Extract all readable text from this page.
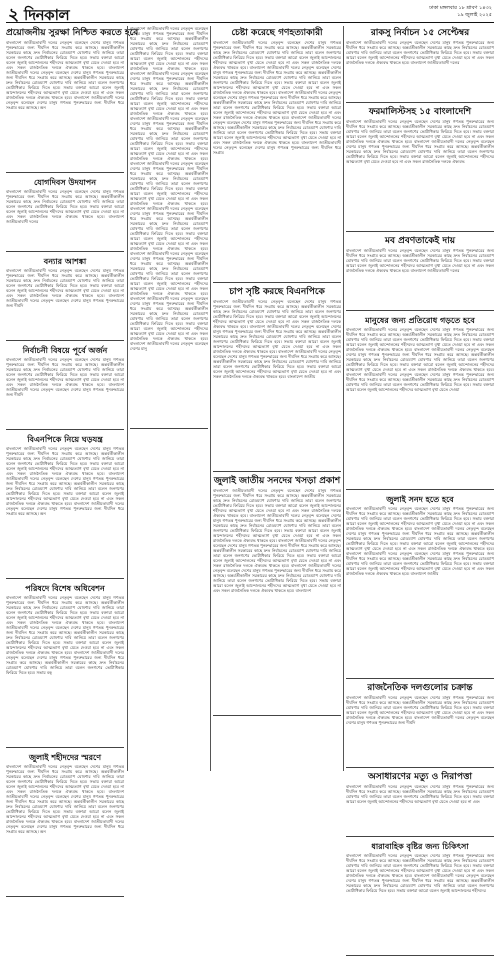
২ দিনকাল	ঢাকা মঙ্গলবার ১৮ শ্রাবণ ১৪৩২
১৯ জুলাই ২০২৫
প্রয়োজনীয় সুরক্ষা নিশ্চিত করতে হবে

বাংলাদেশ জাতীয়তাবাদী দলের নেতৃবৃন্দ বলেছেন দেশের মানুষ গণতন্ত্র পুনরুদ্ধারের জন্য দীর্ঘদিন ধরে সংগ্রাম করে আসছে। অন্তর্বর্তীকালীন সরকারের কাছে দ্রুত নির্বাচনের রোডম্যাপ ঘোষণার দাবি জানিয়ে তারা বলেন জনগণের ভোটাধিকার ফিরিয়ে দিতে হবে। সভায় বক্তারা আরো বলেন জুলাই আন্দোলনের শহীদদের আত্মত্যাগ বৃথা যেতে দেওয়া হবে না এবং সকল রাজনৈতিক দলকে ঐক্যবদ্ধ থাকতে হবে। বাংলাদেশ জাতীয়তাবাদী দলের নেতৃবৃন্দ বলেছেন দেশের মানুষ গণতন্ত্র পুনরুদ্ধারের জন্য দীর্ঘদিন ধরে সংগ্রাম করে আসছে। অন্তর্বর্তীকালীন সরকারের কাছে দ্রুত নির্বাচনের রোডম্যাপ ঘোষণার দাবি জানিয়ে তারা বলেন জনগণের ভোটাধিকার ফিরিয়ে দিতে হবে। সভায় বক্তারা আরো বলেন জুলাই আন্দোলনের শহীদদের আত্মত্যাগ বৃথা যেতে দেওয়া হবে না এবং সকল রাজনৈতিক দলকে ঐক্যবদ্ধ থাকতে হবে। বাংলাদেশ জাতীয়তাবাদী দলের নেতৃবৃন্দ বলেছেন দেশের মানুষ গণতন্ত্র পুনরুদ্ধারের জন্য দীর্ঘদিন ধরে সংগ্রাম করে আসছে। অন

যোগদিবস উদযাপন

বাংলাদেশ জাতীয়তাবাদী দলের নেতৃবৃন্দ বলেছেন দেশের মানুষ গণতন্ত্র পুনরুদ্ধারের জন্য দীর্ঘদিন ধরে সংগ্রাম করে আসছে। অন্তর্বর্তীকালীন সরকারের কাছে দ্রুত নির্বাচনের রোডম্যাপ ঘোষণার দাবি জানিয়ে তারা বলেন জনগণের ভোটাধিকার ফিরিয়ে দিতে হবে। সভায় বক্তারা আরো বলেন জুলাই আন্দোলনের শহীদদের আত্মত্যাগ বৃথা যেতে দেওয়া হবে না এবং সকল রাজনৈতিক দলকে ঐক্যবদ্ধ থাকতে হবে। বাংলাদেশ জাতীয়তাবাদী দলের

বন্যার আশঙ্কা

বাংলাদেশ জাতীয়তাবাদী দলের নেতৃবৃন্দ বলেছেন দেশের মানুষ গণতন্ত্র পুনরুদ্ধারের জন্য দীর্ঘদিন ধরে সংগ্রাম করে আসছে। অন্তর্বর্তীকালীন সরকারের কাছে দ্রুত নির্বাচনের রোডম্যাপ ঘোষণার দাবি জানিয়ে তারা বলেন জনগণের ভোটাধিকার ফিরিয়ে দিতে হবে। সভায় বক্তারা আরো বলেন জুলাই আন্দোলনের শহীদদের আত্মত্যাগ বৃথা যেতে দেওয়া হবে না এবং সকল রাজনৈতিক দলকে ঐক্যবদ্ধ থাকতে হবে। বাংলাদেশ জাতীয়তাবাদী দলের নেতৃবৃন্দ বলেছেন দেশের মানুষ গণতন্ত্র পুনরুদ্ধারের জন্য দীর্ঘদি

নির্বাচনী বিষয়ে পূর্বে অর্জন

বাংলাদেশ জাতীয়তাবাদী দলের নেতৃবৃন্দ বলেছেন দেশের মানুষ গণতন্ত্র পুনরুদ্ধারের জন্য দীর্ঘদিন ধরে সংগ্রাম করে আসছে। অন্তর্বর্তীকালীন সরকারের কাছে দ্রুত নির্বাচনের রোডম্যাপ ঘোষণার দাবি জানিয়ে তারা বলেন জনগণের ভোটাধিকার ফিরিয়ে দিতে হবে। সভায় বক্তারা আরো বলেন জুলাই আন্দোলনের শহীদদের আত্মত্যাগ বৃথা যেতে দেওয়া হবে না এবং সকল রাজনৈতিক দলকে ঐক্যবদ্ধ থাকতে হবে। বাংলাদেশ জাতীয়তাবাদী দলের নেতৃবৃন্দ বলেছেন দেশের মানুষ গণতন্ত্র পুনরুদ্ধারের জন্য দীর্ঘদি

বিএনপিকে নিয়ে ঘড়যন্ত্র

বাংলাদেশ জাতীয়তাবাদী দলের নেতৃবৃন্দ বলেছেন দেশের মানুষ গণতন্ত্র পুনরুদ্ধারের জন্য দীর্ঘদিন ধরে সংগ্রাম করে আসছে। অন্তর্বর্তীকালীন সরকারের কাছে দ্রুত নির্বাচনের রোডম্যাপ ঘোষণার দাবি জানিয়ে তারা বলেন জনগণের ভোটাধিকার ফিরিয়ে দিতে হবে। সভায় বক্তারা আরো বলেন জুলাই আন্দোলনের শহীদদের আত্মত্যাগ বৃথা যেতে দেওয়া হবে না এবং সকল রাজনৈতিক দলকে ঐক্যবদ্ধ থাকতে হবে। বাংলাদেশ জাতীয়তাবাদী দলের নেতৃবৃন্দ বলেছেন দেশের মানুষ গণতন্ত্র পুনরুদ্ধারের জন্য দীর্ঘদিন ধরে সংগ্রাম করে আসছে। অন্তর্বর্তীকালীন সরকারের কাছে দ্রুত নির্বাচনের রোডম্যাপ ঘোষণার দাবি জানিয়ে তারা বলেন জনগণের ভোটাধিকার ফিরিয়ে দিতে হবে। সভায় বক্তারা আরো বলেন জুলাই আন্দোলনের শহীদদের আত্মত্যাগ বৃথা যেতে দেওয়া হবে না এবং সকল রাজনৈতিক দলকে ঐক্যবদ্ধ থাকতে হবে। বাংলাদেশ জাতীয়তাবাদী দলের নেতৃবৃন্দ বলেছেন দেশের মানুষ গণতন্ত্র পুনরুদ্ধারের জন্য দীর্ঘদিন ধরে সংগ্রাম করে আসছে। অন

পরিষদে বিশেষ অধিবেশন

বাংলাদেশ জাতীয়তাবাদী দলের নেতৃবৃন্দ বলেছেন দেশের মানুষ গণতন্ত্র পুনরুদ্ধারের জন্য দীর্ঘদিন ধরে সংগ্রাম করে আসছে। অন্তর্বর্তীকালীন সরকারের কাছে দ্রুত নির্বাচনের রোডম্যাপ ঘোষণার দাবি জানিয়ে তারা বলেন জনগণের ভোটাধিকার ফিরিয়ে দিতে হবে। সভায় বক্তারা আরো বলেন জুলাই আন্দোলনের শহীদদের আত্মত্যাগ বৃথা যেতে দেওয়া হবে না এবং সকল রাজনৈতিক দলকে ঐক্যবদ্ধ থাকতে হবে। বাংলাদেশ জাতীয়তাবাদী দলের নেতৃবৃন্দ বলেছেন দেশের মানুষ গণতন্ত্র পুনরুদ্ধারের জন্য দীর্ঘদিন ধরে সংগ্রাম করে আসছে। অন্তর্বর্তীকালীন সরকারের কাছে দ্রুত নির্বাচনের রোডম্যাপ ঘোষণার দাবি জানিয়ে তারা বলেন জনগণের ভোটাধিকার ফিরিয়ে দিতে হবে। সভায় বক্তারা আরো বলেন জুলাই আন্দোলনের শহীদদের আত্মত্যাগ বৃথা যেতে দেওয়া হবে না এবং সকল রাজনৈতিক দলকে ঐক্যবদ্ধ থাকতে হবে। বাংলাদেশ জাতীয়তাবাদী দলের নেতৃবৃন্দ বলেছেন দেশের মানুষ গণতন্ত্র পুনরুদ্ধারের জন্য দীর্ঘদিন ধরে সংগ্রাম করে আসছে। অন্তর্বর্তীকালীন সরকারের কাছে দ্রুত নির্বাচনের রোডম্যাপ ঘোষণার দাবি জানিয়ে তারা বলেন জনগণের ভোটাধিকার ফিরিয়ে দিতে হবে। সভায় বক্

জুলাই শহীদদের স্মরণে

বাংলাদেশ জাতীয়তাবাদী দলের নেতৃবৃন্দ বলেছেন দেশের মানুষ গণতন্ত্র পুনরুদ্ধারের জন্য দীর্ঘদিন ধরে সংগ্রাম করে আসছে। অন্তর্বর্তীকালীন সরকারের কাছে দ্রুত নির্বাচনের রোডম্যাপ ঘোষণার দাবি জানিয়ে তারা বলেন জনগণের ভোটাধিকার ফিরিয়ে দিতে হবে। সভায় বক্তারা আরো বলেন জুলাই আন্দোলনের শহীদদের আত্মত্যাগ বৃথা যেতে দেওয়া হবে না এবং সকল রাজনৈতিক দলকে ঐক্যবদ্ধ থাকতে হবে। বাংলাদেশ জাতীয়তাবাদী দলের নেতৃবৃন্দ বলেছেন দেশের মানুষ গণতন্ত্র পুনরুদ্ধারের জন্য দীর্ঘদিন ধরে সংগ্রাম করে আসছে। অন্তর্বর্তীকালীন সরকারের কাছে দ্রুত নির্বাচনের রোডম্যাপ ঘোষণার দাবি জানিয়ে তারা বলেন জনগণের ভোটাধিকার ফিরিয়ে দিতে হবে। সভায় বক্তারা আরো বলেন জুলাই আন্দোলনের শহীদদের আত্মত্যাগ বৃথা যেতে দেওয়া হবে না এবং সকল রাজনৈতিক দলকে ঐক্যবদ্ধ থাকতে হবে। বাংলাদেশ জাতীয়তাবাদী দলের নেতৃবৃন্দ বলেছেন দেশের মানুষ গণতন্ত্র পুনরুদ্ধারের জন্য দীর্ঘদিন ধরে সংগ্রাম করে আসছে। অন

বাংলাদেশ জাতীয়তাবাদী দলের নেতৃবৃন্দ বলেছেন দেশের মানুষ গণতন্ত্র পুনরুদ্ধারের জন্য দীর্ঘদিন ধরে সংগ্রাম করে আসছে। অন্তর্বর্তীকালীন সরকারের কাছে দ্রুত নির্বাচনের রোডম্যাপ ঘোষণার দাবি জানিয়ে তারা বলেন জনগণের ভোটাধিকার ফিরিয়ে দিতে হবে। সভায় বক্তারা আরো বলেন জুলাই আন্দোলনের শহীদদের আত্মত্যাগ বৃথা যেতে দেওয়া হবে না এবং সকল রাজনৈতিক দলকে ঐক্যবদ্ধ থাকতে হবে। বাংলাদেশ জাতীয়তাবাদী দলের নেতৃবৃন্দ বলেছেন দেশের মানুষ গণতন্ত্র পুনরুদ্ধারের জন্য দীর্ঘদিন ধরে সংগ্রাম করে আসছে। অন্তর্বর্তীকালীন সরকারের কাছে দ্রুত নির্বাচনের রোডম্যাপ ঘোষণার দাবি জানিয়ে তারা বলেন জনগণের ভোটাধিকার ফিরিয়ে দিতে হবে। সভায় বক্তারা আরো বলেন জুলাই আন্দোলনের শহীদদের আত্মত্যাগ বৃথা যেতে দেওয়া হবে না এবং সকল রাজনৈতিক দলকে ঐক্যবদ্ধ থাকতে হবে। বাংলাদেশ জাতীয়তাবাদী দলের নেতৃবৃন্দ বলেছেন দেশের মানুষ গণতন্ত্র পুনরুদ্ধারের জন্য দীর্ঘদিন ধরে সংগ্রাম করে আসছে। অন্তর্বর্তীকালীন সরকারের কাছে দ্রুত নির্বাচনের রোডম্যাপ ঘোষণার দাবি জানিয়ে তারা বলেন জনগণের ভোটাধিকার ফিরিয়ে দিতে হবে। সভায় বক্তারা আরো বলেন জুলাই আন্দোলনের শহীদদের আত্মত্যাগ বৃথা যেতে দেওয়া হবে না এবং সকল রাজনৈতিক দলকে ঐক্যবদ্ধ থাকতে হবে। বাংলাদেশ জাতীয়তাবাদী দলের নেতৃবৃন্দ বলেছেন দেশের মানুষ গণতন্ত্র পুনরুদ্ধারের জন্য দীর্ঘদিন ধরে সংগ্রাম করে আসছে। অন্তর্বর্তীকালীন সরকারের কাছে দ্রুত নির্বাচনের রোডম্যাপ ঘোষণার দাবি জানিয়ে তারা বলেন জনগণের ভোটাধিকার ফিরিয়ে দিতে হবে। সভায় বক্তারা আরো বলেন জুলাই আন্দোলনের শহীদদের আত্মত্যাগ বৃথা যেতে দেওয়া হবে না এবং সকল রাজনৈতিক দলকে ঐক্যবদ্ধ থাকতে হবে। বাংলাদেশ জাতীয়তাবাদী দলের নেতৃবৃন্দ বলেছেন দেশের মানুষ গণতন্ত্র পুনরুদ্ধারের জন্য দীর্ঘদিন ধরে সংগ্রাম করে আসছে। অন্তর্বর্তীকালীন সরকারের কাছে দ্রুত নির্বাচনের রোডম্যাপ ঘোষণার দাবি জানিয়ে তারা বলেন জনগণের ভোটাধিকার ফিরিয়ে দিতে হবে। সভায় বক্তারা আরো বলেন জুলাই আন্দোলনের শহীদদের আত্মত্যাগ বৃথা যেতে দেওয়া হবে না এবং সকল রাজনৈতিক দলকে ঐক্যবদ্ধ থাকতে হবে। বাংলাদেশ জাতীয়তাবাদী দলের নেতৃবৃন্দ বলেছেন দেশের মানুষ গণতন্ত্র পুনরুদ্ধারের জন্য দীর্ঘদিন ধরে সংগ্রাম করে আসছে। অন্তর্বর্তীকালীন সরকারের কাছে দ্রুত নির্বাচনের রোডম্যাপ ঘোষণার দাবি জানিয়ে তারা বলেন জনগণের ভোটাধিকার ফিরিয়ে দিতে হবে। সভায় বক্তারা আরো বলেন জুলাই আন্দোলনের শহীদদের আত্মত্যাগ বৃথা যেতে দেওয়া হবে না এবং সকল রাজনৈতিক দলকে ঐক্যবদ্ধ থাকতে হবে। বাংলাদেশ জাতীয়তাবাদী দলের নেতৃবৃন্দ বলেছেন দেশের মানুষ গণতন্ত্র পুনরুদ্ধারের জন্য দীর্ঘদিন ধরে সংগ্রাম করে আসছে। অন্তর্বর্তীকালীন সরকারের কাছে দ্রুত নির্বাচনের রোডম্যাপ ঘোষণার দাবি জানিয়ে তারা বলেন জনগণের ভোটাধিকার ফিরিয়ে দিতে হবে। সভায় বক্তারা আরো বলেন জুলাই আন্দোলনের শহীদদের আত্মত্যাগ বৃথা যেতে দেওয়া হবে না এবং সকল রাজনৈতিক দলকে ঐক্যবদ্ধ থাকতে হবে। বাংলাদেশ জাতীয়তাবাদী দলের নেতৃবৃন্দ বলেছেন দেশের মানু

চেষ্টা করেছে গণহত্যাকারী

বাংলাদেশ জাতীয়তাবাদী দলের নেতৃবৃন্দ বলেছেন দেশের মানুষ গণতন্ত্র পুনরুদ্ধারের জন্য দীর্ঘদিন ধরে সংগ্রাম করে আসছে। অন্তর্বর্তীকালীন সরকারের কাছে দ্রুত নির্বাচনের রোডম্যাপ ঘোষণার দাবি জানিয়ে তারা বলেন জনগণের ভোটাধিকার ফিরিয়ে দিতে হবে। সভায় বক্তারা আরো বলেন জুলাই আন্দোলনের শহীদদের আত্মত্যাগ বৃথা যেতে দেওয়া হবে না এবং সকল রাজনৈতিক দলকে ঐক্যবদ্ধ থাকতে হবে। বাংলাদেশ জাতীয়তাবাদী দলের নেতৃবৃন্দ বলেছেন দেশের মানুষ গণতন্ত্র পুনরুদ্ধারের জন্য দীর্ঘদিন ধরে সংগ্রাম করে আসছে। অন্তর্বর্তীকালীন সরকারের কাছে দ্রুত নির্বাচনের রোডম্যাপ ঘোষণার দাবি জানিয়ে তারা বলেন জনগণের ভোটাধিকার ফিরিয়ে দিতে হবে। সভায় বক্তারা আরো বলেন জুলাই আন্দোলনের শহীদদের আত্মত্যাগ বৃথা যেতে দেওয়া হবে না এবং সকল রাজনৈতিক দলকে ঐক্যবদ্ধ থাকতে হবে। বাংলাদেশ জাতীয়তাবাদী দলের নেতৃবৃন্দ বলেছেন দেশের মানুষ গণতন্ত্র পুনরুদ্ধারের জন্য দীর্ঘদিন ধরে সংগ্রাম করে আসছে। অন্তর্বর্তীকালীন সরকারের কাছে দ্রুত নির্বাচনের রোডম্যাপ ঘোষণার দাবি জানিয়ে তারা বলেন জনগণের ভোটাধিকার ফিরিয়ে দিতে হবে। সভায় বক্তারা আরো বলেন জুলাই আন্দোলনের শহীদদের আত্মত্যাগ বৃথা যেতে দেওয়া হবে না এবং সকল রাজনৈতিক দলকে ঐক্যবদ্ধ থাকতে হবে। বাংলাদেশ জাতীয়তাবাদী দলের নেতৃবৃন্দ বলেছেন দেশের মানুষ গণতন্ত্র পুনরুদ্ধারের জন্য দীর্ঘদিন ধরে সংগ্রাম করে আসছে। অন্তর্বর্তীকালীন সরকারের কাছে দ্রুত নির্বাচনের রোডম্যাপ ঘোষণার দাবি জানিয়ে তারা বলেন জনগণের ভোটাধিকার ফিরিয়ে দিতে হবে। সভায় বক্তারা আরো বলেন জুলাই আন্দোলনের শহীদদের আত্মত্যাগ বৃথা যেতে দেওয়া হবে না এবং সকল রাজনৈতিক দলকে ঐক্যবদ্ধ থাকতে হবে। বাংলাদেশ জাতীয়তাবাদী দলের নেতৃবৃন্দ বলেছেন দেশের মানুষ গণতন্ত্র পুনরুদ্ধারের জন্য দীর্ঘদিন ধরে সংগ্রাম

চাপ সৃষ্টি করছে বিএনপিকে

বাংলাদেশ জাতীয়তাবাদী দলের নেতৃবৃন্দ বলেছেন দেশের মানুষ গণতন্ত্র পুনরুদ্ধারের জন্য দীর্ঘদিন ধরে সংগ্রাম করে আসছে। অন্তর্বর্তীকালীন সরকারের কাছে দ্রুত নির্বাচনের রোডম্যাপ ঘোষণার দাবি জানিয়ে তারা বলেন জনগণের ভোটাধিকার ফিরিয়ে দিতে হবে। সভায় বক্তারা আরো বলেন জুলাই আন্দোলনের শহীদদের আত্মত্যাগ বৃথা যেতে দেওয়া হবে না এবং সকল রাজনৈতিক দলকে ঐক্যবদ্ধ থাকতে হবে। বাংলাদেশ জাতীয়তাবাদী দলের নেতৃবৃন্দ বলেছেন দেশের মানুষ গণতন্ত্র পুনরুদ্ধারের জন্য দীর্ঘদিন ধরে সংগ্রাম করে আসছে। অন্তর্বর্তীকালীন সরকারের কাছে দ্রুত নির্বাচনের রোডম্যাপ ঘোষণার দাবি জানিয়ে তারা বলেন জনগণের ভোটাধিকার ফিরিয়ে দিতে হবে। সভায় বক্তারা আরো বলেন জুলাই আন্দোলনের শহীদদের আত্মত্যাগ বৃথা যেতে দেওয়া হবে না এবং সকল রাজনৈতিক দলকে ঐক্যবদ্ধ থাকতে হবে। বাংলাদেশ জাতীয়তাবাদী দলের নেতৃবৃন্দ বলেছেন দেশের মানুষ গণতন্ত্র পুনরুদ্ধারের জন্য দীর্ঘদিন ধরে সংগ্রাম করে আসছে। অন্তর্বর্তীকালীন সরকারের কাছে দ্রুত নির্বাচনের রোডম্যাপ ঘোষণার দাবি জানিয়ে তারা বলেন জনগণের ভোটাধিকার ফিরিয়ে দিতে হবে। সভায় বক্তারা আরো বলেন জুলাই আন্দোলনের শহীদদের আত্মত্যাগ বৃথা যেতে দেওয়া হবে না এবং সকল রাজনৈতিক দলকে ঐক্যবদ্ধ থাকতে হবে। বাংলাদেশ জাতীয

জুলাই জাতীয় সনদের খসড়া প্রকাশ

বাংলাদেশ জাতীয়তাবাদী দলের নেতৃবৃন্দ বলেছেন দেশের মানুষ গণতন্ত্র পুনরুদ্ধারের জন্য দীর্ঘদিন ধরে সংগ্রাম করে আসছে। অন্তর্বর্তীকালীন সরকারের কাছে দ্রুত নির্বাচনের রোডম্যাপ ঘোষণার দাবি জানিয়ে তারা বলেন জনগণের ভোটাধিকার ফিরিয়ে দিতে হবে। সভায় বক্তারা আরো বলেন জুলাই আন্দোলনের শহীদদের আত্মত্যাগ বৃথা যেতে দেওয়া হবে না এবং সকল রাজনৈতিক দলকে ঐক্যবদ্ধ থাকতে হবে। বাংলাদেশ জাতীয়তাবাদী দলের নেতৃবৃন্দ বলেছেন দেশের মানুষ গণতন্ত্র পুনরুদ্ধারের জন্য দীর্ঘদিন ধরে সংগ্রাম করে আসছে। অন্তর্বর্তীকালীন সরকারের কাছে দ্রুত নির্বাচনের রোডম্যাপ ঘোষণার দাবি জানিয়ে তারা বলেন জনগণের ভোটাধিকার ফিরিয়ে দিতে হবে। সভায় বক্তারা আরো বলেন জুলাই আন্দোলনের শহীদদের আত্মত্যাগ বৃথা যেতে দেওয়া হবে না এবং সকল রাজনৈতিক দলকে ঐক্যবদ্ধ থাকতে হবে। বাংলাদেশ জাতীয়তাবাদী দলের নেতৃবৃন্দ বলেছেন দেশের মানুষ গণতন্ত্র পুনরুদ্ধারের জন্য দীর্ঘদিন ধরে সংগ্রাম করে আসছে। অন্তর্বর্তীকালীন সরকারের কাছে দ্রুত নির্বাচনের রোডম্যাপ ঘোষণার দাবি জানিয়ে তারা বলেন জনগণের ভোটাধিকার ফিরিয়ে দিতে হবে। সভায় বক্তারা আরো বলেন জুলাই আন্দোলনের শহীদদের আত্মত্যাগ বৃথা যেতে দেওয়া হবে না এবং সকল রাজনৈতিক দলকে ঐক্যবদ্ধ থাকতে হবে। বাংলাদেশ জাতীয়তাবাদী দলের নেতৃবৃন্দ বলেছেন দেশের মানুষ গণতন্ত্র পুনরুদ্ধারের জন্য দীর্ঘদিন ধরে সংগ্রাম করে আসছে। অন্তর্বর্তীকালীন সরকারের কাছে দ্রুত নির্বাচনের রোডম্যাপ ঘোষণার দাবি জানিয়ে তারা বলেন জনগণের ভোটাধিকার ফিরিয়ে দিতে হবে। সভায় বক্তারা আরো বলেন জুলাই আন্দোলনের শহীদদের আত্মত্যাগ বৃথা যেতে দেওয়া হবে না এবং সকল রাজনৈতিক দলকে ঐক্যবদ্ধ থাকতে হবে। বাংলাদেশ

রাকসু নির্বাচন ১৫ সেপ্টেম্বর

বাংলাদেশ জাতীয়তাবাদী দলের নেতৃবৃন্দ বলেছেন দেশের মানুষ গণতন্ত্র পুনরুদ্ধারের জন্য দীর্ঘদিন ধরে সংগ্রাম করে আসছে। অন্তর্বর্তীকালীন সরকারের কাছে দ্রুত নির্বাচনের রোডম্যাপ ঘোষণার দাবি জানিয়ে তারা বলেন জনগণের ভোটাধিকার ফিরিয়ে দিতে হবে। সভায় বক্তারা আরো বলেন জুলাই আন্দোলনের শহীদদের আত্মত্যাগ বৃথা যেতে দেওয়া হবে না এবং সকল রাজনৈতিক দলকে ঐক্যবদ্ধ থাকতে হবে। বাংলাদেশ জাতীয়তাবাদী দলের

ফরমালিস্টসহ ১৫ বাংলাদেশি

বাংলাদেশ জাতীয়তাবাদী দলের নেতৃবৃন্দ বলেছেন দেশের মানুষ গণতন্ত্র পুনরুদ্ধারের জন্য দীর্ঘদিন ধরে সংগ্রাম করে আসছে। অন্তর্বর্তীকালীন সরকারের কাছে দ্রুত নির্বাচনের রোডম্যাপ ঘোষণার দাবি জানিয়ে তারা বলেন জনগণের ভোটাধিকার ফিরিয়ে দিতে হবে। সভায় বক্তারা আরো বলেন জুলাই আন্দোলনের শহীদদের আত্মত্যাগ বৃথা যেতে দেওয়া হবে না এবং সকল রাজনৈতিক দলকে ঐক্যবদ্ধ থাকতে হবে। বাংলাদেশ জাতীয়তাবাদী দলের নেতৃবৃন্দ বলেছেন দেশের মানুষ গণতন্ত্র পুনরুদ্ধারের জন্য দীর্ঘদিন ধরে সংগ্রাম করে আসছে। অন্তর্বর্তীকালীন সরকারের কাছে দ্রুত নির্বাচনের রোডম্যাপ ঘোষণার দাবি জানিয়ে তারা বলেন জনগণের ভোটাধিকার ফিরিয়ে দিতে হবে। সভায় বক্তারা আরো বলেন জুলাই আন্দোলনের শহীদদের আত্মত্যাগ বৃথা যেতে দেওয়া হবে না এবং সকল রাজনৈতিক দলকে ঐক্যবদ্ধ

মব প্রবণতাকেই দায়

বাংলাদেশ জাতীয়তাবাদী দলের নেতৃবৃন্দ বলেছেন দেশের মানুষ গণতন্ত্র পুনরুদ্ধারের জন্য দীর্ঘদিন ধরে সংগ্রাম করে আসছে। অন্তর্বর্তীকালীন সরকারের কাছে দ্রুত নির্বাচনের রোডম্যাপ ঘোষণার দাবি জানিয়ে তারা বলেন জনগণের ভোটাধিকার ফিরিয়ে দিতে হবে। সভায় বক্তারা আরো বলেন জুলাই আন্দোলনের শহীদদের আত্মত্যাগ বৃথা যেতে দেওয়া হবে না এবং সকল রাজনৈতিক দলকে ঐক্যবদ্ধ থাকতে হবে। বাংলাদেশ জাতীয়তাবাদী দলের

মানুষের জন্য প্রতিরোধ গড়তে হবে

বাংলাদেশ জাতীয়তাবাদী দলের নেতৃবৃন্দ বলেছেন দেশের মানুষ গণতন্ত্র পুনরুদ্ধারের জন্য দীর্ঘদিন ধরে সংগ্রাম করে আসছে। অন্তর্বর্তীকালীন সরকারের কাছে দ্রুত নির্বাচনের রোডম্যাপ ঘোষণার দাবি জানিয়ে তারা বলেন জনগণের ভোটাধিকার ফিরিয়ে দিতে হবে। সভায় বক্তারা আরো বলেন জুলাই আন্দোলনের শহীদদের আত্মত্যাগ বৃথা যেতে দেওয়া হবে না এবং সকল রাজনৈতিক দলকে ঐক্যবদ্ধ থাকতে হবে। বাংলাদেশ জাতীয়তাবাদী দলের নেতৃবৃন্দ বলেছেন দেশের মানুষ গণতন্ত্র পুনরুদ্ধারের জন্য দীর্ঘদিন ধরে সংগ্রাম করে আসছে। অন্তর্বর্তীকালীন সরকারের কাছে দ্রুত নির্বাচনের রোডম্যাপ ঘোষণার দাবি জানিয়ে তারা বলেন জনগণের ভোটাধিকার ফিরিয়ে দিতে হবে। সভায় বক্তারা আরো বলেন জুলাই আন্দোলনের শহীদদের আত্মত্যাগ বৃথা যেতে দেওয়া হবে না এবং সকল রাজনৈতিক দলকে ঐক্যবদ্ধ থাকতে হবে। বাংলাদেশ জাতীয়তাবাদী দলের নেতৃবৃন্দ বলেছেন দেশের মানুষ গণতন্ত্র পুনরুদ্ধারের জন্য দীর্ঘদিন ধরে সংগ্রাম করে আসছে। অন্তর্বর্তীকালীন সরকারের কাছে দ্রুত নির্বাচনের রোডম্যাপ ঘোষণার দাবি জানিয়ে তারা বলেন জনগণের ভোটাধিকার ফিরিয়ে দিতে হবে। সভায় বক্তারা আরো বলেন জুলাই আন্দোলনের শহীদদের আত্মত্যাগ বৃথা যেতে দেওয়া

জুলাই সনদ হতে হবে

বাংলাদেশ জাতীয়তাবাদী দলের নেতৃবৃন্দ বলেছেন দেশের মানুষ গণতন্ত্র পুনরুদ্ধারের জন্য দীর্ঘদিন ধরে সংগ্রাম করে আসছে। অন্তর্বর্তীকালীন সরকারের কাছে দ্রুত নির্বাচনের রোডম্যাপ ঘোষণার দাবি জানিয়ে তারা বলেন জনগণের ভোটাধিকার ফিরিয়ে দিতে হবে। সভায় বক্তারা আরো বলেন জুলাই আন্দোলনের শহীদদের আত্মত্যাগ বৃথা যেতে দেওয়া হবে না এবং সকল রাজনৈতিক দলকে ঐক্যবদ্ধ থাকতে হবে। বাংলাদেশ জাতীয়তাবাদী দলের নেতৃবৃন্দ বলেছেন দেশের মানুষ গণতন্ত্র পুনরুদ্ধারের জন্য দীর্ঘদিন ধরে সংগ্রাম করে আসছে। অন্তর্বর্তীকালীন সরকারের কাছে দ্রুত নির্বাচনের রোডম্যাপ ঘোষণার দাবি জানিয়ে তারা বলেন জনগণের ভোটাধিকার ফিরিয়ে দিতে হবে। সভায় বক্তারা আরো বলেন জুলাই আন্দোলনের শহীদদের আত্মত্যাগ বৃথা যেতে দেওয়া হবে না এবং সকল রাজনৈতিক দলকে ঐক্যবদ্ধ থাকতে হবে। বাংলাদেশ জাতীয়তাবাদী দলের নেতৃবৃন্দ বলেছেন দেশের মানুষ গণতন্ত্র পুনরুদ্ধারের জন্য দীর্ঘদিন ধরে সংগ্রাম করে আসছে। অন্তর্বর্তীকালীন সরকারের কাছে দ্রুত নির্বাচনের রোডম্যাপ ঘোষণার দাবি জানিয়ে তারা বলেন জনগণের ভোটাধিকার ফিরিয়ে দিতে হবে। সভায় বক্তারা আরো বলেন জুলাই আন্দোলনের শহীদদের আত্মত্যাগ বৃথা যেতে দেওয়া হবে না এবং সকল রাজনৈতিক দলকে ঐক্যবদ্ধ থাকতে হবে। বাংলাদেশ জাতীয

রাজনৈতিক দলগুলোর চক্রান্ত

বাংলাদেশ জাতীয়তাবাদী দলের নেতৃবৃন্দ বলেছেন দেশের মানুষ গণতন্ত্র পুনরুদ্ধারের জন্য দীর্ঘদিন ধরে সংগ্রাম করে আসছে। অন্তর্বর্তীকালীন সরকারের কাছে দ্রুত নির্বাচনের রোডম্যাপ ঘোষণার দাবি জানিয়ে তারা বলেন জনগণের ভোটাধিকার ফিরিয়ে দিতে হবে। সভায় বক্তারা আরো বলেন জুলাই আন্দোলনের শহীদদের আত্মত্যাগ বৃথা যেতে দেওয়া হবে না এবং সকল রাজনৈতিক দলকে ঐক্যবদ্ধ থাকতে হবে। বাংলাদেশ জাতীয়তাবাদী দলের নেতৃবৃন্দ বলেছেন দেশের মানুষ গণতন্ত্র পুনরুদ্ধারের জন্য দীর্ঘদি

অসাধারণের মত্যু ও নিরাপত্তা

বাংলাদেশ জাতীয়তাবাদী দলের নেতৃবৃন্দ বলেছেন দেশের মানুষ গণতন্ত্র পুনরুদ্ধারের জন্য দীর্ঘদিন ধরে সংগ্রাম করে আসছে। অন্তর্বর্তীকালীন সরকারের কাছে দ্রুত নির্বাচনের রোডম্যাপ ঘোষণার দাবি জানিয়ে তারা বলেন জনগণের ভোটাধিকার ফিরিয়ে দিতে হবে। সভায় বক্তারা আরো বলেন জুলাই আন্দোলনের শহীদদের আত্মত্যাগ বৃথা যেতে দেওয়া হবে না এবং

ধারাবাহিক বৃষ্টির জন্য চিকিৎসা

বাংলাদেশ জাতীয়তাবাদী দলের নেতৃবৃন্দ বলেছেন দেশের মানুষ গণতন্ত্র পুনরুদ্ধারের জন্য দীর্ঘদিন ধরে সংগ্রাম করে আসছে। অন্তর্বর্তীকালীন সরকারের কাছে দ্রুত নির্বাচনের রোডম্যাপ ঘোষণার দাবি জানিয়ে তারা বলেন জনগণের ভোটাধিকার ফিরিয়ে দিতে হবে। সভায় বক্তারা আরো বলেন জুলাই আন্দোলনের শহীদদের আত্মত্যাগ বৃথা যেতে দেওয়া হবে না এবং সকল রাজনৈতিক দলকে ঐক্যবদ্ধ থাকতে হবে। বাংলাদেশ জাতীয়তাবাদী দলের নেতৃবৃন্দ বলেছেন দেশের মানুষ গণতন্ত্র পুনরুদ্ধারের জন্য দীর্ঘদিন ধরে সংগ্রাম করে আসছে। অন্তর্বর্তীকালীন সরকারের কাছে দ্রুত নির্বাচনের রোডম্যাপ ঘোষণার দাবি জানিয়ে তারা বলেন জনগণের ভোটাধিকার ফিরিয়ে দিতে হবে। সভায় বক্তারা আরো বলেন জুলাই আন্দোলনের শহীদদের
